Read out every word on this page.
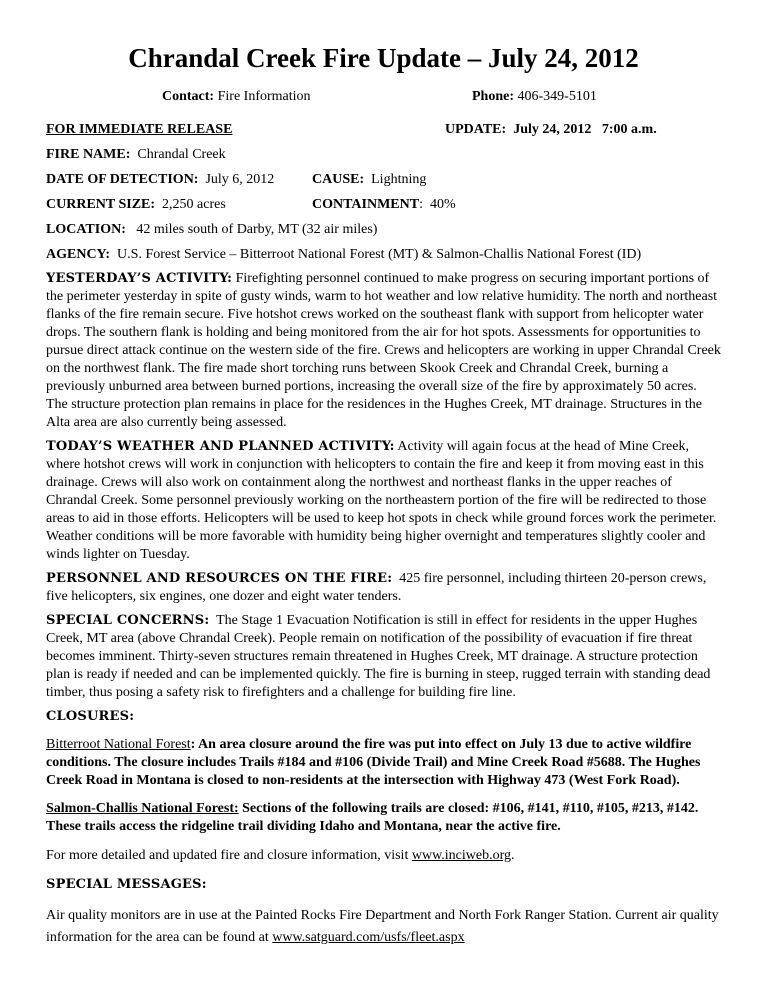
Chrandal Creek Fire Update – July 24, 2012
Contact: Fire Information	Phone: 406-349-5101
FOR IMMEDIATE RELEASE	UPDATE: July 24, 2012   7:00 a.m.
FIRE NAME: Chrandal Creek
DATE OF DETECTION: July 6, 2012	CAUSE: Lightning
CURRENT SIZE: 2,250 acres	CONTAINMENT:  40%
LOCATION: 42 miles south of Darby, MT (32 air miles)
AGENCY: U.S. Forest Service – Bitterroot National Forest (MT) & Salmon-Challis National Forest (ID)

YESTERDAY’S ACTIVITY: Firefighting personnel continued to make progress on securing important portions of the perimeter yesterday in spite of gusty winds, warm to hot weather and low relative humidity. The north and northeast flanks of the fire remain secure. Five hotshot crews worked on the southeast flank with support from helicopter water drops. The southern flank is holding and being monitored from the air for hot spots. Assessments for opportunities to pursue direct attack continue on the western side of the fire. Crews and helicopters are working in upper Chrandal Creek on the northwest flank. The fire made short torching runs between Skook Creek and Chrandal Creek, burning a previously unburned area between burned portions, increasing the overall size of the fire by approximately 50 acres. The structure protection plan remains in place for the residences in the Hughes Creek, MT drainage. Structures in the Alta area are also currently being assessed.

TODAY’S WEATHER AND PLANNED ACTIVITY: Activity will again focus at the head of Mine Creek, where hotshot crews will work in conjunction with helicopters to contain the fire and keep it from moving east in this drainage. Crews will also work on containment along the northwest and northeast flanks in the upper reaches of Chrandal Creek. Some personnel previously working on the northeastern portion of the fire will be redirected to those areas to aid in those efforts. Helicopters will be used to keep hot spots in check while ground forces work the perimeter. Weather conditions will be more favorable with humidity being higher overnight and temperatures slightly cooler and winds lighter on Tuesday.

PERSONNEL AND RESOURCES ON THE FIRE: 425 fire personnel, including thirteen 20-person crews, five helicopters, six engines, one dozer and eight water tenders.

SPECIAL CONCERNS: The Stage 1 Evacuation Notification is still in effect for residents in the upper Hughes Creek, MT area (above Chrandal Creek). People remain on notification of the possibility of evacuation if fire threat becomes imminent. Thirty-seven structures remain threatened in Hughes Creek, MT drainage. A structure protection plan is ready if needed and can be implemented quickly. The fire is burning in steep, rugged terrain with standing dead timber, thus posing a safety risk to firefighters and a challenge for building fire line.

CLOSURES:

Bitterroot National Forest: An area closure around the fire was put into effect on July 13 due to active wildfire conditions. The closure includes Trails #184 and #106 (Divide Trail) and Mine Creek Road #5688. The Hughes Creek Road in Montana is closed to non-residents at the intersection with Highway 473 (West Fork Road).

Salmon-Challis National Forest: Sections of the following trails are closed: #106, #141, #110, #105, #213, #142. These trails access the ridgeline trail dividing Idaho and Montana, near the active fire.

For more detailed and updated fire and closure information, visit www.inciweb.org.

SPECIAL MESSAGES:

Air quality monitors are in use at the Painted Rocks Fire Department and North Fork Ranger Station. Current air quality information for the area can be found at www.satguard.com/usfs/fleet.aspx
